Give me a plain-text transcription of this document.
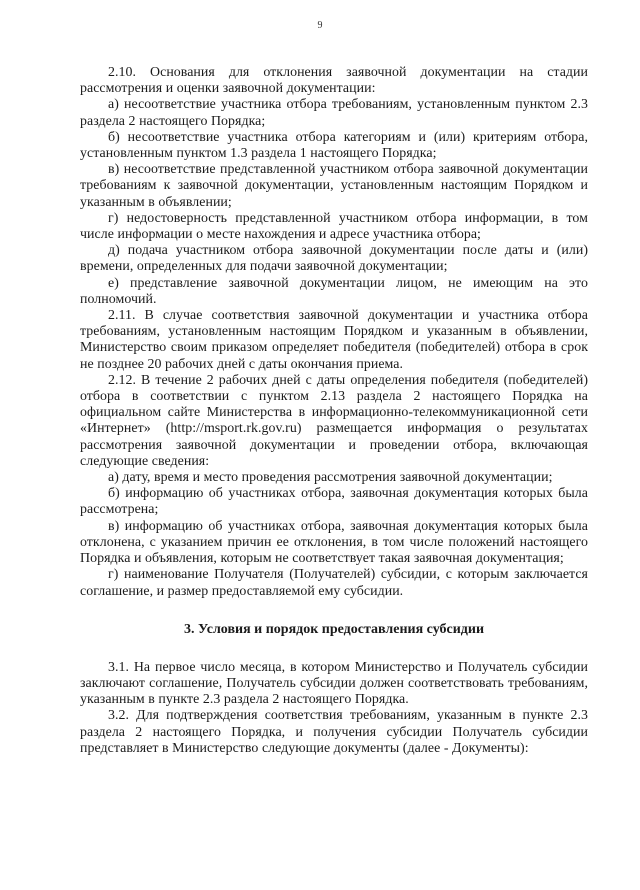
9

2.10. Основания для отклонения заявочной документации на стадии рассмотрения и оценки заявочной документации:

а) несоответствие участника отбора требованиям, установленным пунктом 2.3 раздела 2 настоящего Порядка;

б) несоответствие участника отбора категориям и (или) критериям отбора, установленным пунктом 1.3 раздела 1 настоящего Порядка;

в) несоответствие представленной участником отбора заявочной документации требованиям к заявочной документации, установленным настоящим Порядком и указанным в объявлении;

г) недостоверность представленной участником отбора информации, в том числе информации о месте нахождения и адресе участника отбора;

д) подача участником отбора заявочной документации после даты и (или) времени, определенных для подачи заявочной документации;

е) представление заявочной документации лицом, не имеющим на это полномочий.

2.11. В случае соответствия заявочной документации и участника отбора требованиям, установленным настоящим Порядком и указанным в объявлении, Министерство своим приказом определяет победителя (победителей) отбора в срок не позднее 20 рабочих дней с даты окончания приема.

2.12. В течение 2 рабочих дней с даты определения победителя (победителей) отбора в соответствии с пунктом 2.13 раздела 2 настоящего Порядка на официальном сайте Министерства в информационно-телекоммуникационной сети «Интернет» (http://msport.rk.gov.ru) размещается информация о результатах рассмотрения заявочной документации и проведении отбора, включающая следующие сведения:

а) дату, время и место проведения рассмотрения заявочной документации;

б) информацию об участниках отбора, заявочная документация которых была рассмотрена;

в) информацию об участниках отбора, заявочная документация которых была отклонена, с указанием причин ее отклонения, в том числе положений настоящего Порядка и объявления, которым не соответствует такая заявочная документация;

г) наименование Получателя (Получателей) субсидии, с которым заключается соглашение, и размер предоставляемой ему субсидии.

3. Условия и порядок предоставления субсидии

3.1. На первое число месяца, в котором Министерство и Получатель субсидии заключают соглашение, Получатель субсидии должен соответствовать требованиям, указанным в пункте 2.3 раздела 2 настоящего Порядка.

3.2. Для подтверждения соответствия требованиям, указанным в пункте 2.3 раздела 2 настоящего Порядка, и получения субсидии Получатель субсидии представляет в Министерство следующие документы (далее - Документы):
